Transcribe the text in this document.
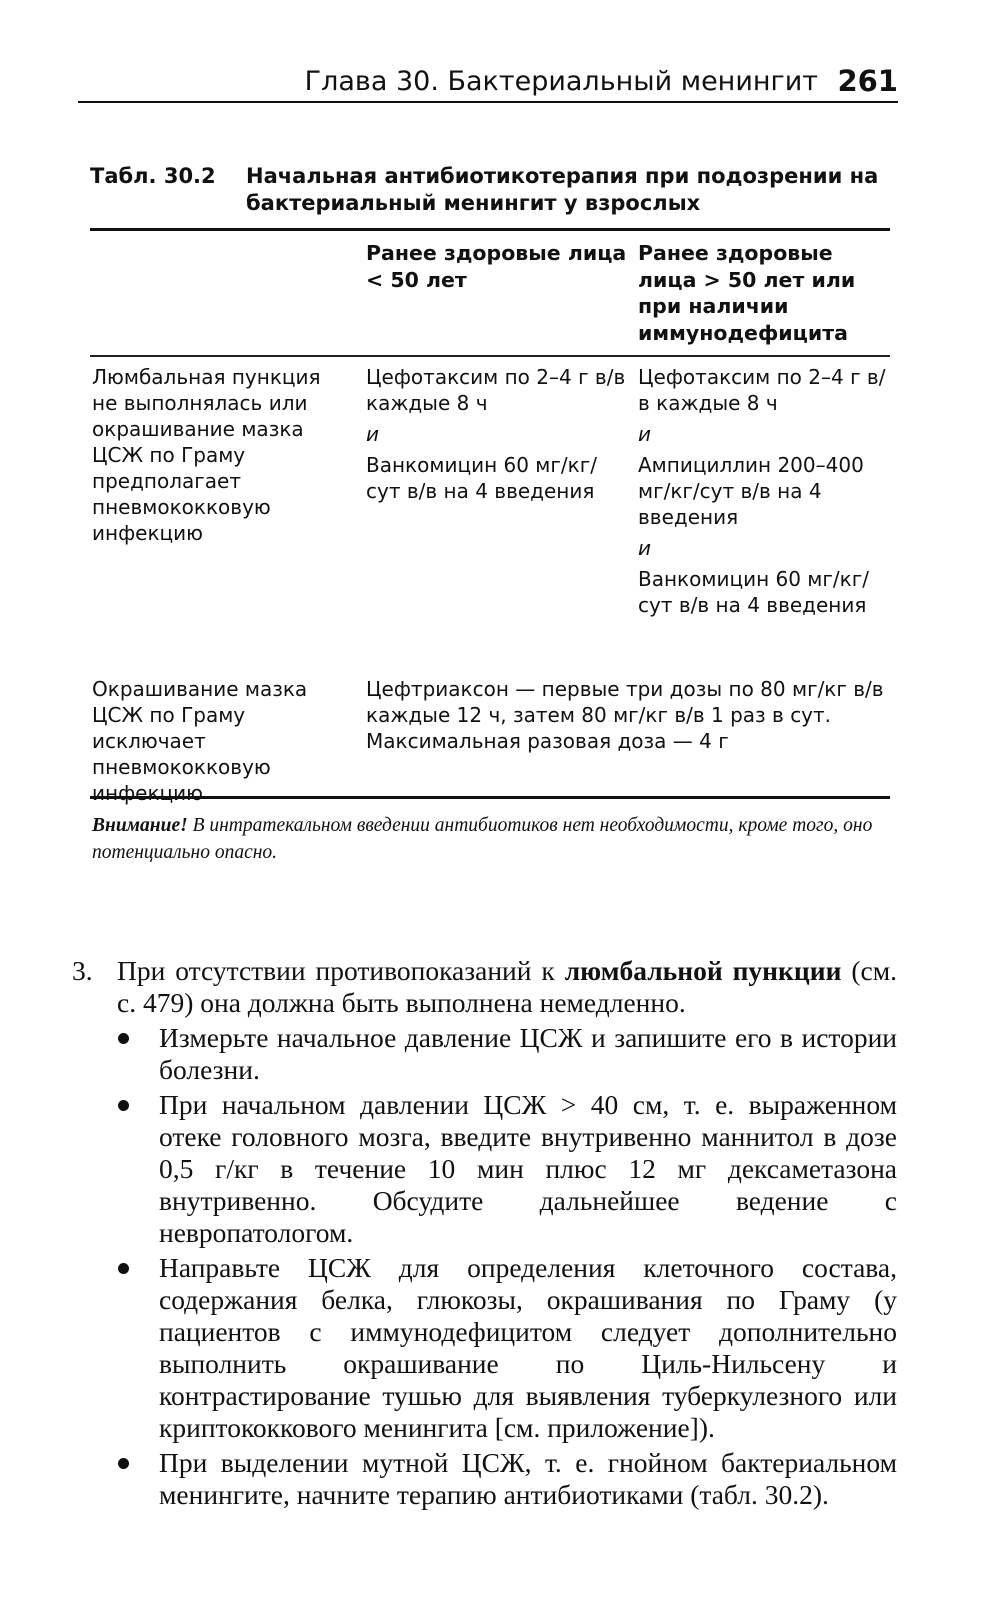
Глава 30. Бактериальный менингит 261
Табл. 30.2 Начальная антибиотикотерапия при подозрении на бактериальный менингит у взрослых
Ранее здоровые лица < 50 лет
Ранее здоровые лица > 50 лет или при наличии иммунодефицита
Люмбальная пункция не выполнялась или окрашивание мазка ЦСЖ по Граму предполагает пневмококковую инфекцию
Цефотаксим по 2–4 г в/в каждые 8 ч
и
Ванкомицин 60 мг/кг/сут в/в на 4 введения
Цефотаксим по 2–4 г в/в каждые 8 ч
и
Ампициллин 200–400 мг/кг/сут в/в на 4 введения
и
Ванкомицин 60 мг/кг/сут в/в на 4 введения
Окрашивание мазка ЦСЖ по Граму исключает пневмококковую инфекцию
Цефтриаксон — первые три дозы по 80 мг/кг в/в каждые 12 ч, затем 80 мг/кг в/в 1 раз в сут. Максимальная разовая доза — 4 г
Внимание! В интратекальном введении антибиотиков нет необходимости, кроме того, оно потенциально опасно.
3. При отсутствии противопоказаний к люмбальной пункции (см. с. 479) она должна быть выполнена немедленно.
Измерьте начальное давление ЦСЖ и запишите его в истории болезни.
При начальном давлении ЦСЖ > 40 см, т. е. выраженном отеке головного мозга, введите внутривенно маннитол в дозе 0,5 г/кг в течение 10 мин плюс 12 мг дексаметазона внутривенно. Обсудите дальнейшее ведение с невропатологом.
Направьте ЦСЖ для определения клеточного состава, содержания белка, глюкозы, окрашивания по Граму (у пациентов с иммунодефицитом следует дополнительно выполнить окрашивание по Циль-Нильсену и контрастирование тушью для выявления туберкулезного или криптококкового менингита [см. приложение]).
При выделении мутной ЦСЖ, т. е. гнойном бактериальном менингите, начните терапию антибиотиками (табл. 30.2).
